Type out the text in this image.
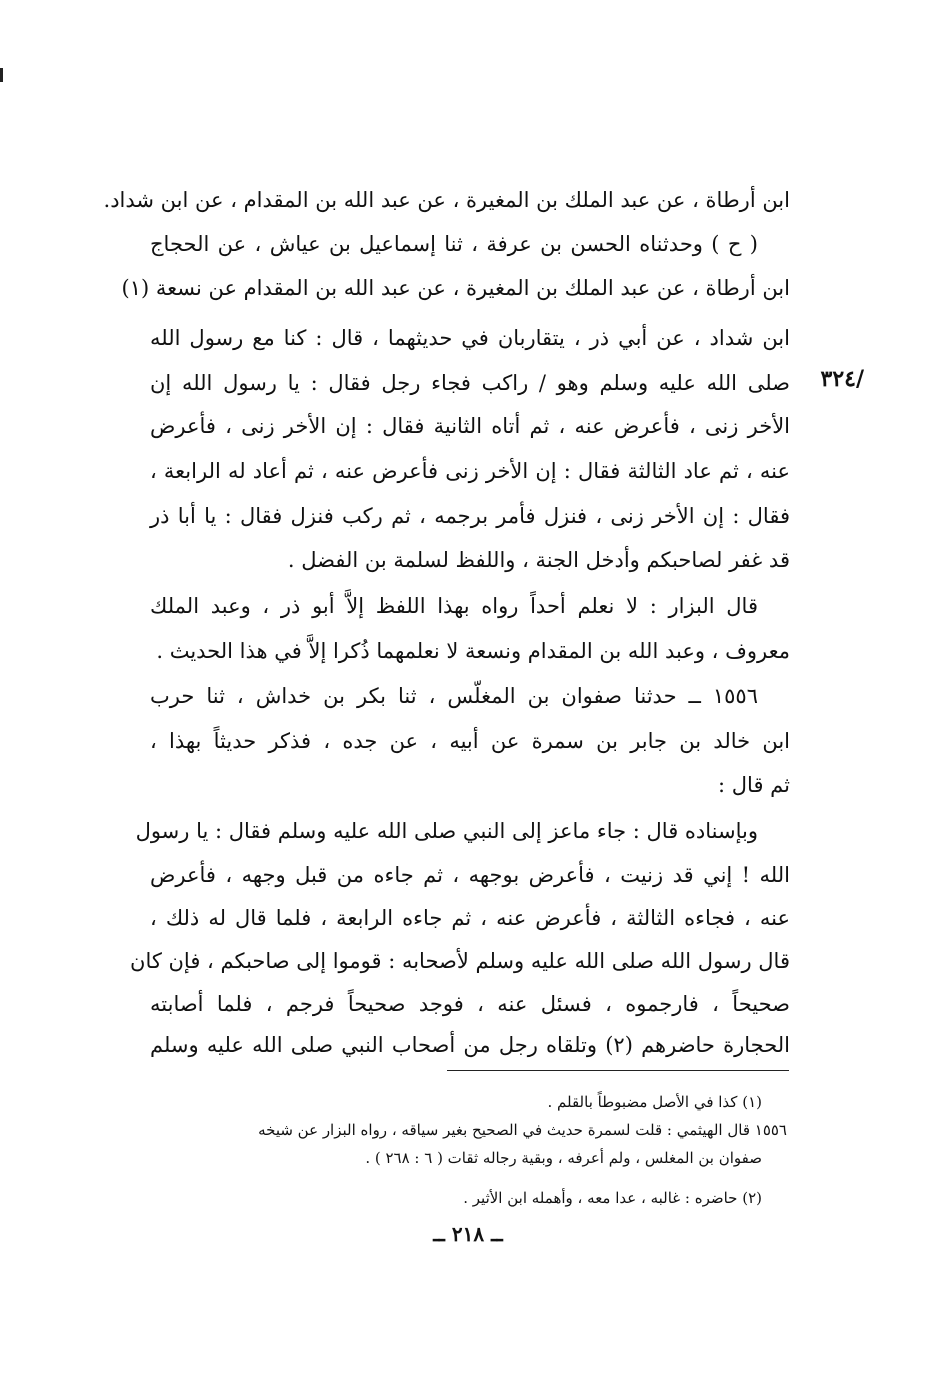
ابن أرطاة ، عن عبد الملك بن المغيرة ، عن عبد الله بن المقدام ، عن ابن شداد.
( ح ) وحدثناه الحسن بن عرفة ، ثنا إسماعيل بن عياش ، عن الحجاج
ابن أرطاة ، عن عبد الملك بن المغيرة ، عن عبد الله بن المقدام عن نسعة (١)
ابن شداد ، عن أبي ذر ، يتقاربان في حديثهما ، قال : كنا مع رسول الله
صلى الله عليه وسلم وهو / راكب فجاء رجل فقال : يا رسول الله إن
الأخر زنى ، فأعرض عنه ، ثم أتاه الثانية فقال : إن الأخر زنى ، فأعرض
عنه ، ثم عاد الثالثة فقال : إن الأخر زنى فأعرض عنه ، ثم أعاد له الرابعة ،
فقال : إن الأخر زنى ، فنزل فأمر برجمه ، ثم ركب فنزل فقال : يا أبا ذر
قد غفر لصاحبكم وأدخل الجنة ، واللفظ لسلمة بن الفضل .
قال البزار : لا نعلم أحداً رواه بهذا اللفظ إلاَّ أبو ذر ، وعبد الملك
معروف ، وعبد الله بن المقدام ونسعة لا نعلمهما ذُكرا إلاَّ في هذا الحديث .
١٥٥٦ ــ حدثنا صفوان بن المغلّس ، ثنا بكر بن خداش ، ثنا حرب
ابن خالد بن جابر بن سمرة عن أبيه ، عن جده ، فذكر حديثاً بهذا ،
ثم قال :
وبإسناده قال : جاء ماعز إلى النبي صلى الله عليه وسلم فقال : يا رسول
الله ! إني قد زنيت ، فأعرض بوجهه ، ثم جاءه من قبل وجهه ، فأعرض
عنه ، فجاءه الثالثة ، فأعرض عنه ، ثم جاءه الرابعة ، فلما قال له ذلك ،
قال رسول الله صلى الله عليه وسلم لأصحابه : قوموا إلى صاحبكم ، فإن كان
صحيحاً ، فارجموه ، فسئل عنه ، فوجد صحيحاً فرجم ، فلما أصابته
الحجارة حاضرهم (٢) وتلقاه رجل من أصحاب النبي صلى الله عليه وسلم
/٣٢٤
(١) كذا في الأصل مضبوطاً بالقلم .
١٥٥٦ قال الهيثمي : قلت لسمرة حديث في الصحيح بغير سياقه ، رواه البزار عن شيخه
صفوان بن المغلس ، ولم أعرفه ، وبقية رجاله ثقات ( ٦ : ٢٦٨ ) .
(٢) حاضره : غالبه ، عدا معه ، وأهمله ابن الأثير .
ــ ٢١٨ ــ
